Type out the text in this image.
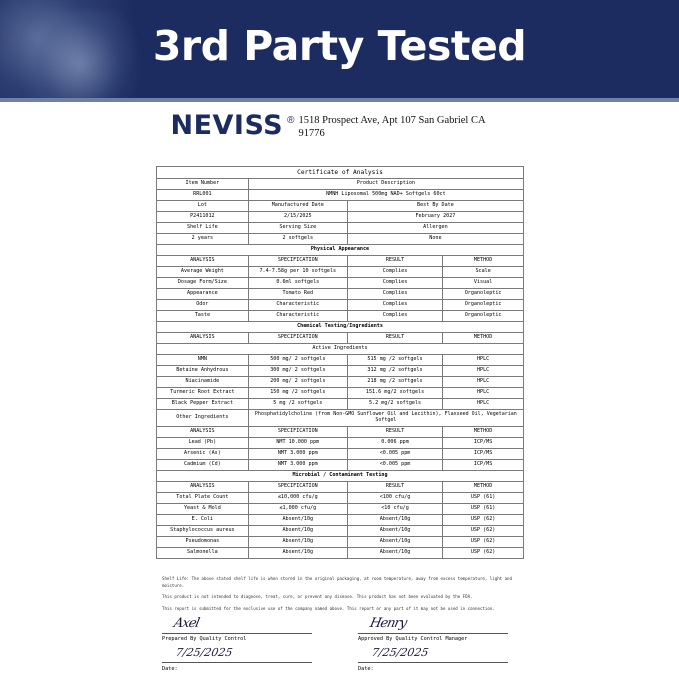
3rd Party Tested
NEVISS ® 1518 Prospect Ave, Apt 107 San Gabriel CA 91776
Certificate of Analysis			
Item Number	Product Description		
RRL001	NMNH Liposomal 500mg NAD+ Softgels 60ct		
Lot	Manufactured Date	Best By Date	
P2411012	2/15/2025	February 2027	
Shelf Life	Serving Size	Allergen	
2 years	2 softgels	None	
Physical Appearance			
ANALYSIS	SPECIFICATION	RESULT	METHOD
Average Weight	7.4-7.58g per 10 softgels	Complies	Scale
Dosage Form/Size	0.6ml softgels	Complies	Visual
Appearance	Tomato Red	Complies	Organoleptic
Odor	Characteristic	Complies	Organoleptic
Taste	Characteristic	Complies	Organoleptic
Chemical Testing/Ingredients			
ANALYSIS	SPECIFICATION	RESULT	METHOD
Active Ingredients			
NMN	500 mg/ 2 softgels	515 mg /2 softgels	HPLC
Betaine Anhydrous	300 mg/ 2 softgels	312 mg /2 softgels	HPLC
Niacinamide	200 mg/ 2 softgels	218 mg /2 softgels	HPLC
Turmeric Root Extract	150 mg /2 softgels	151.6 mg/2 softgels	HPLC
Black Pepper Extract	5 mg /2 softgels	5.2 mg/2 softgels	HPLC
Other Ingredients	Phosphatidylcholine (from Non-GMO Sunflower Oil and Lecithin), Flaxseed Oil, Vegetarian Softgel		
ANALYSIS	SPECIFICATION	RESULT	METHOD
Lead (Pb)	NMT 10.000 ppm	0.006 ppm	ICP/MS
Arsenic (As)	NMT 3.000 ppm	<0.005 ppm	ICP/MS
Cadmium (Cd)	NMT 3.000 ppm	<0.005 ppm	ICP/MS
Microbial / Contaminant Testing			
ANALYSIS	SPECIFICATION	RESULT	METHOD
Total Plate Count	≤10,000 cfu/g	<100 cfu/g	USP (61)
Yeast & Mold	≤1,000 cfu/g	<10 cfu/g	USP (61)
E. Coli	Absent/10g	Absent/10g	USP (62)
Staphylococcus aureus	Absent/10g	Absent/10g	USP (62)
Pseudomonas	Absent/10g	Absent/10g	USP (62)
Salmonella	Absent/10g	Absent/10g	USP (62)

Shelf Life: The above stated shelf life is when stored in the original packaging, at room temperature, away from excess temperature, light and moisture.

This product is not intended to diagnose, treat, cure, or prevent any disease. This product has not been evaluated by the FDA.

This report is submitted for the exclusive use of the company named above. This report or any part of it may not be used in connection.

Axel
Prepared By Quality Control
7/25/2025
Date:
Henry
Approved By Quality Control Manager
7/25/2025
Date:
